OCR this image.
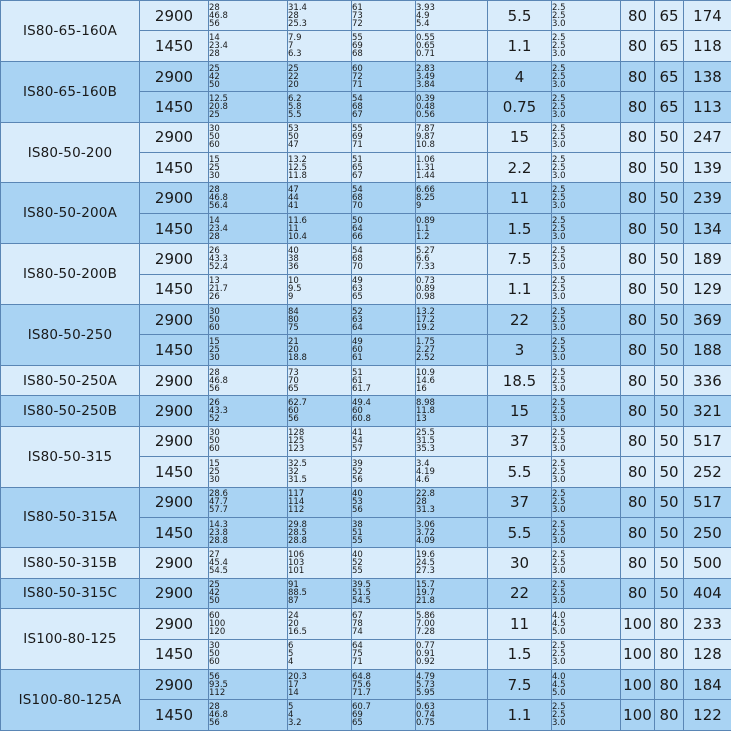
IS80-65-160A	2900	28
46.8
56	31.4
28
25.3	61
73
72	3.93
4.9
5.4	5.5	2.5
2.5
3.0	80	65	174
	1450	14
23.4
28	7.9
7
6.3	55
69
68	0.55
0.65
0.71	1.1	2.5
2.5
3.0	80	65	118
IS80-65-160B	2900	25
42
50	25
22
20	60
72
71	2.83
3.49
3.84	4	2.5
2.5
3.0	80	65	138
	1450	12.5
20.8
25	6.2
5.8
5.5	54
68
67	0.39
0.48
0.56	0.75	2.5
2.5
3.0	80	65	113
IS80-50-200	2900	30
50
60	53
50
47	55
69
71	7.87
9.87
10.8	15	2.5
2.5
3.0	80	50	247
	1450	15
25
30	13.2
12.5
11.8	51
65
67	1.06
1.31
1.44	2.2	2.5
2.5
3.0	80	50	139
IS80-50-200A	2900	28
46.8
56.4	47
44
41	54
68
70	6.66
8.25
9	11	2.5
2.5
3.0	80	50	239
	1450	14
23.4
28	11.6
11
10.4	50
64
66	0.89
1.1
1.2	1.5	2.5
2.5
3.0	80	50	134
IS80-50-200B	2900	26
43.3
52.4	40
38
36	54
68
70	5.27
6.6
7.33	7.5	2.5
2.5
3.0	80	50	189
	1450	13
21.7
26	10
9.5
9	49
63
65	0.73
0.89
0.98	1.1	2.5
2.5
3.0	80	50	129
IS80-50-250	2900	30
50
60	84
80
75	52
63
64	13.2
17.2
19.2	22	2.5
2.5
3.0	80	50	369
	1450	15
25
30	21
20
18.8	49
60
61	1.75
2.27
2.52	3	2.5
2.5
3.0	80	50	188
IS80-50-250A	2900	28
46.8
56	73
70
65	51
61
61.7	10.9
14.6
16	18.5	2.5
2.5
3.0	80	50	336
IS80-50-250B	2900	26
43.3
52	62.7
60
56	49.4
60
60.8	8.98
11.8
13	15	2.5
2.5
3.0	80	50	321
IS80-50-315	2900	30
50
60	128
125
123	41
54
57	25.5
31.5
35.3	37	2.5
2.5
3.0	80	50	517
	1450	15
25
30	32.5
32
31.5	39
52
56	3.4
4.19
4.6	5.5	2.5
2.5
3.0	80	50	252
IS80-50-315A	2900	28.6
47.7
57.7	117
114
112	40
53
56	22.8
28
31.3	37	2.5
2.5
3.0	80	50	517
	1450	14.3
23.8
28.8	29.8
28.5
28.8	38
51
55	3.06
3.72
4.09	5.5	2.5
2.5
3.0	80	50	250
IS80-50-315B	2900	27
45.4
54.5	106
103
101	40
52
55	19.6
24.5
27.3	30	2.5
2.5
3.0	80	50	500
IS80-50-315C	2900	25
42
50	91
88.5
87	39.5
51.5
54.5	15.7
19.7
21.8	22	2.5
2.5
3.0	80	50	404
IS100-80-125	2900	60
100
120	24
20
16.5	67
78
74	5.86
7.00
7.28	11	4.0
4.5
5.0	100	80	233
	1450	30
50
60	6
5
4	64
75
71	0.77
0.91
0.92	1.5	2.5
2.5
3.0	100	80	128
IS100-80-125A	2900	56
93.5
112	20.3
17
14	64.8
75.6
71.7	4.79
5.73
5.95	7.5	4.0
4.5
5.0	100	80	184
	1450	28
46.8
56	5
4
3.2	60.7
69
65	0.63
0.74
0.75	1.1	2.5
2.5
3.0	100	80	122
